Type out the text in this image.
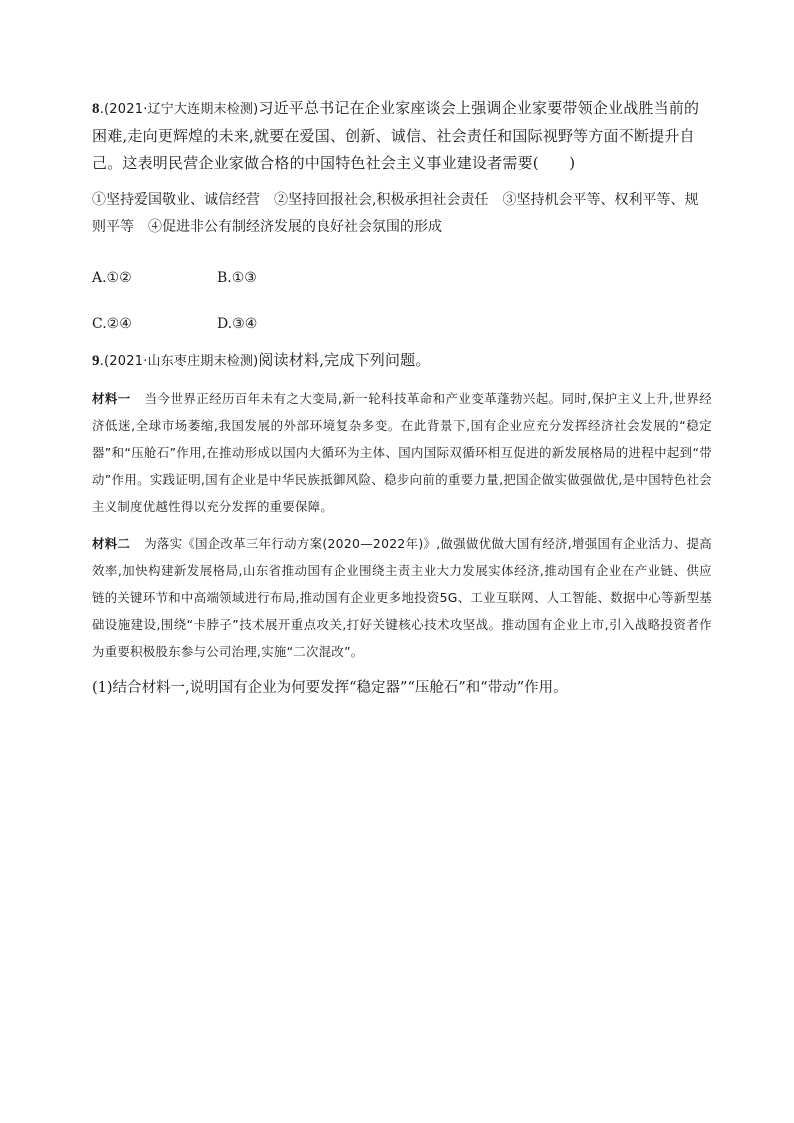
8.(2021·辽宁大连期末检测)习近平总书记在企业家座谈会上强调企业家要带领企业战胜当前的困难,走向更辉煌的未来,就要在爱国、创新、诚信、社会责任和国际视野等方面不断提升自己。这表明民营企业家做合格的中国特色社会主义事业建设者需要(　　)

①坚持爱国敬业、诚信经营　②坚持回报社会,积极承担社会责任　③坚持机会平等、权利平等、规则平等　④促进非公有制经济发展的良好社会氛围的形成

A.①②	B.①③
C.②④	D.③④

9.(2021·山东枣庄期末检测)阅读材料,完成下列问题。

材料一 当今世界正经历百年未有之大变局,新一轮科技革命和产业变革蓬勃兴起。同时,保护主义上升,世界经济低迷,全球市场萎缩,我国发展的外部环境复杂多变。在此背景下,国有企业应充分发挥经济社会发展的“稳定器”和“压舱石”作用,在推动形成以国内大循环为主体、国内国际双循环相互促进的新发展格局的进程中起到“带动”作用。实践证明,国有企业是中华民族抵御风险、稳步向前的重要力量,把国企做实做强做优,是中国特色社会主义制度优越性得以充分发挥的重要保障。

材料二 为落实《国企改革三年行动方案(2020—2022年)》,做强做优做大国有经济,增强国有企业活力、提高效率,加快构建新发展格局,山东省推动国有企业围绕主责主业大力发展实体经济,推动国有企业在产业链、供应链的关键环节和中高端领域进行布局,推动国有企业更多地投资5G、工业互联网、人工智能、数据中心等新型基础设施建设,围绕“卡脖子”技术展开重点攻关,打好关键核心技术攻坚战。推动国有企业上市,引入战略投资者作为重要积极股东参与公司治理,实施“二次混改”。

(1)结合材料一,说明国有企业为何要发挥“稳定器”“压舱石”和“带动”作用。
